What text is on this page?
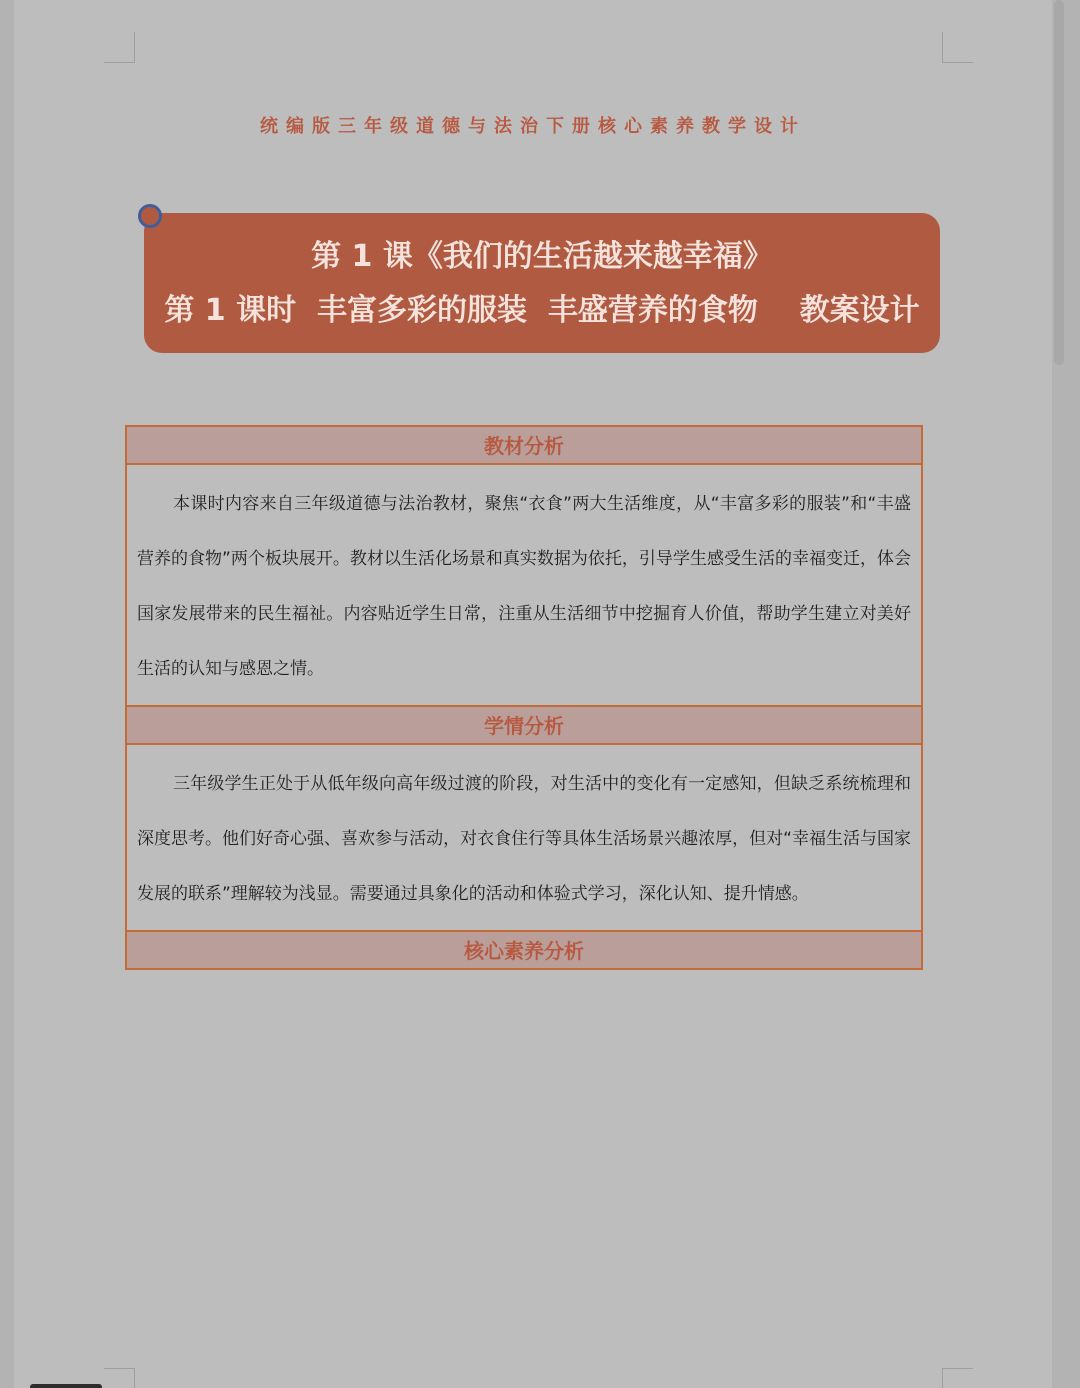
统编版三年级道德与法治下册核心素养教学设计
第 1 课《我们的生活越来越幸福》
第 1 课时  丰富多彩的服装  丰盛营养的食物    教案设计
教材分析
本课时内容来自三年级道德与法治教材，聚焦“衣食”两大生活维度，从“丰富多彩的服装”和“丰盛营养的食物”两个板块展开。教材以生活化场景和真实数据为依托，引导学生感受生活的幸福变迁，体会国家发展带来的民生福祉。内容贴近学生日常，注重从生活细节中挖掘育人价值，帮助学生建立对美好生活的认知与感恩之情。
学情分析
三年级学生正处于从低年级向高年级过渡的阶段，对生活中的变化有一定感知，但缺乏系统梳理和深度思考。他们好奇心强、喜欢参与活动，对衣食住行等具体生活场景兴趣浓厚，但对“幸福生活与国家发展的联系”理解较为浅显。需要通过具象化的活动和体验式学习，深化认知、提升情感。
核心素养分析
